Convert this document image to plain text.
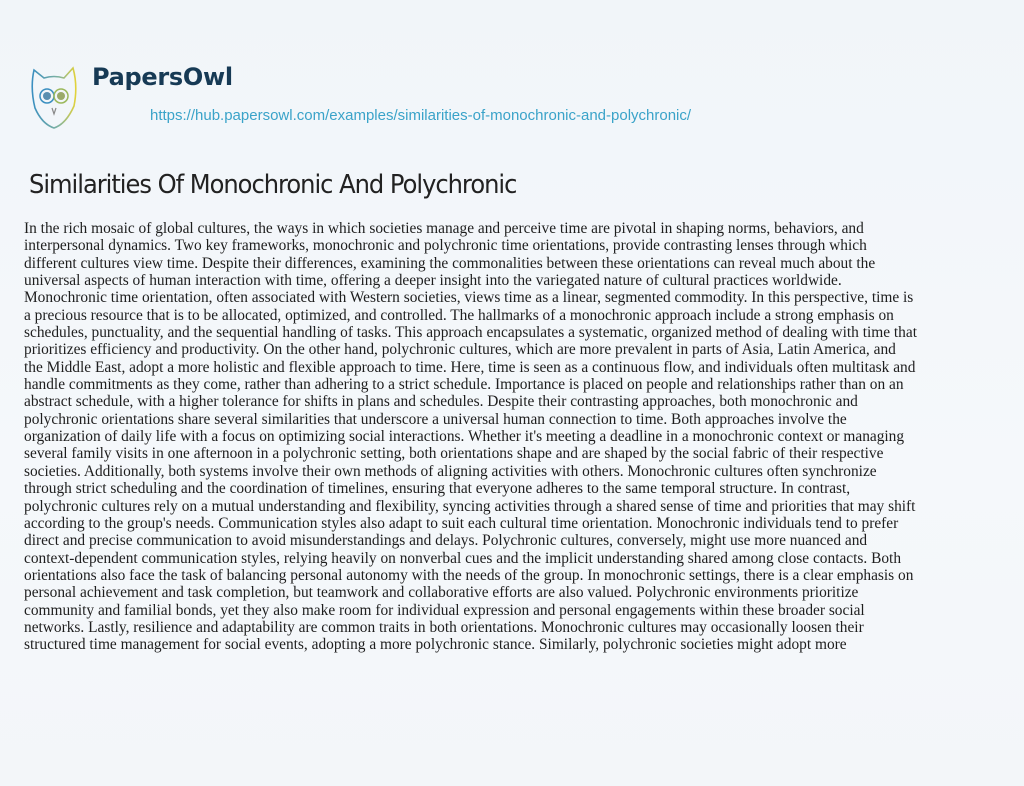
PapersOwl
https://hub.papersowl.com/examples/similarities-of-monochronic-and-polychronic/
Similarities Of Monochronic And Polychronic
In the rich mosaic of global cultures, the ways in which societies manage and perceive time are pivotal in shaping norms, behaviors, and
interpersonal dynamics. Two key frameworks, monochronic and polychronic time orientations, provide contrasting lenses through which
different cultures view time. Despite their differences, examining the commonalities between these orientations can reveal much about the
universal aspects of human interaction with time, offering a deeper insight into the variegated nature of cultural practices worldwide.
Monochronic time orientation, often associated with Western societies, views time as a linear, segmented commodity. In this perspective, time is
a precious resource that is to be allocated, optimized, and controlled. The hallmarks of a monochronic approach include a strong emphasis on
schedules, punctuality, and the sequential handling of tasks. This approach encapsulates a systematic, organized method of dealing with time that
prioritizes efficiency and productivity. On the other hand, polychronic cultures, which are more prevalent in parts of Asia, Latin America, and
the Middle East, adopt a more holistic and flexible approach to time. Here, time is seen as a continuous flow, and individuals often multitask and
handle commitments as they come, rather than adhering to a strict schedule. Importance is placed on people and relationships rather than on an
abstract schedule, with a higher tolerance for shifts in plans and schedules. Despite their contrasting approaches, both monochronic and
polychronic orientations share several similarities that underscore a universal human connection to time. Both approaches involve the
organization of daily life with a focus on optimizing social interactions. Whether it's meeting a deadline in a monochronic context or managing
several family visits in one afternoon in a polychronic setting, both orientations shape and are shaped by the social fabric of their respective
societies. Additionally, both systems involve their own methods of aligning activities with others. Monochronic cultures often synchronize
through strict scheduling and the coordination of timelines, ensuring that everyone adheres to the same temporal structure. In contrast,
polychronic cultures rely on a mutual understanding and flexibility, syncing activities through a shared sense of time and priorities that may shift
according to the group's needs. Communication styles also adapt to suit each cultural time orientation. Monochronic individuals tend to prefer
direct and precise communication to avoid misunderstandings and delays. Polychronic cultures, conversely, might use more nuanced and
context-dependent communication styles, relying heavily on nonverbal cues and the implicit understanding shared among close contacts. Both
orientations also face the task of balancing personal autonomy with the needs of the group. In monochronic settings, there is a clear emphasis on
personal achievement and task completion, but teamwork and collaborative efforts are also valued. Polychronic environments prioritize
community and familial bonds, yet they also make room for individual expression and personal engagements within these broader social
networks. Lastly, resilience and adaptability are common traits in both orientations. Monochronic cultures may occasionally loosen their
structured time management for social events, adopting a more polychronic stance. Similarly, polychronic societies might adopt more
